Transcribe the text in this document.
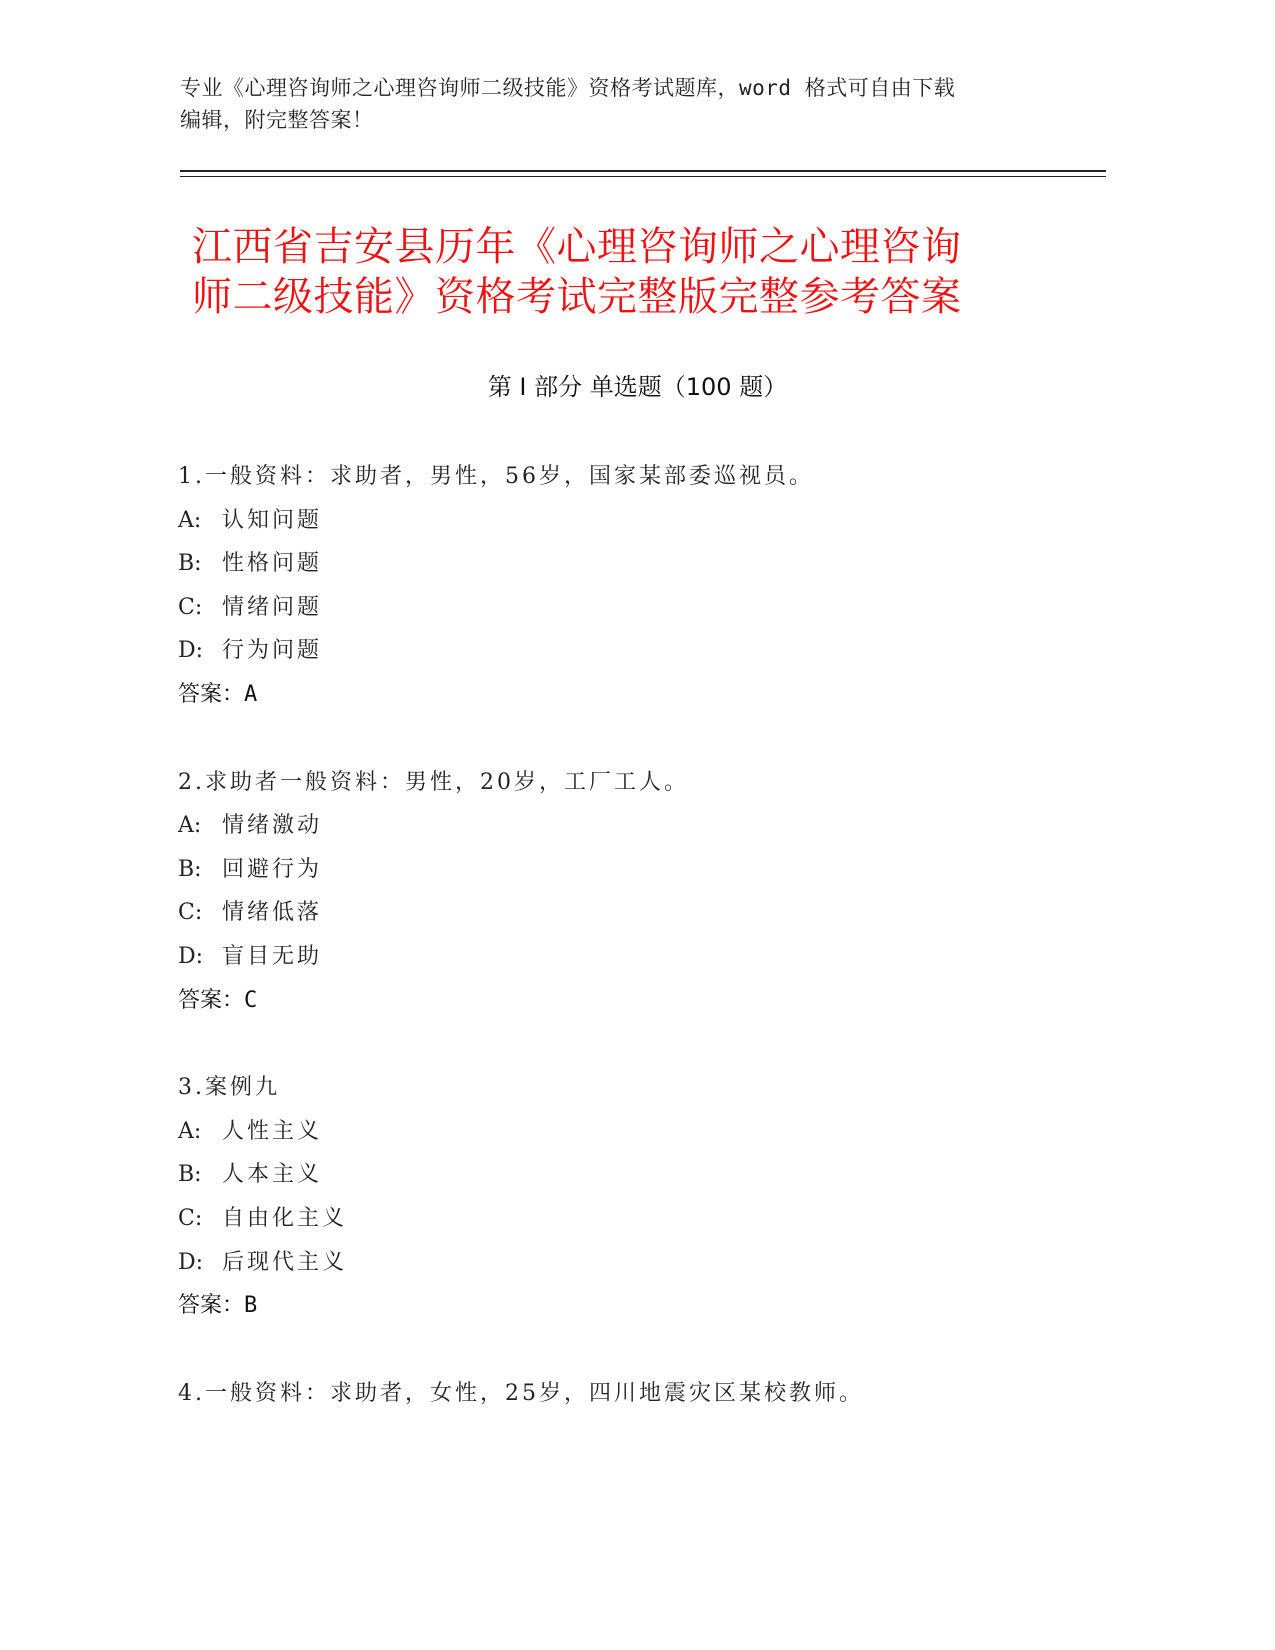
专业《心理咨询师之心理咨询师二级技能》资格考试题库，word 格式可自由下载
编辑，附完整答案！
江西省吉安县历年《心理咨询师之心理咨询
师二级技能》资格考试完整版完整参考答案
第 I 部分 单选题（100 题）
1.一般资料：求助者，男性，56岁，国家某部委巡视员。
A: 认知问题
B: 性格问题
C: 情绪问题
D: 行为问题
答案：A
2.求助者一般资料：男性，20岁，工厂工人。
A: 情绪激动
B: 回避行为
C: 情绪低落
D: 盲目无助
答案：C
3.案例九
A: 人性主义
B: 人本主义
C: 自由化主义
D: 后现代主义
答案：B
4.一般资料：求助者，女性，25岁，四川地震灾区某校教师。
